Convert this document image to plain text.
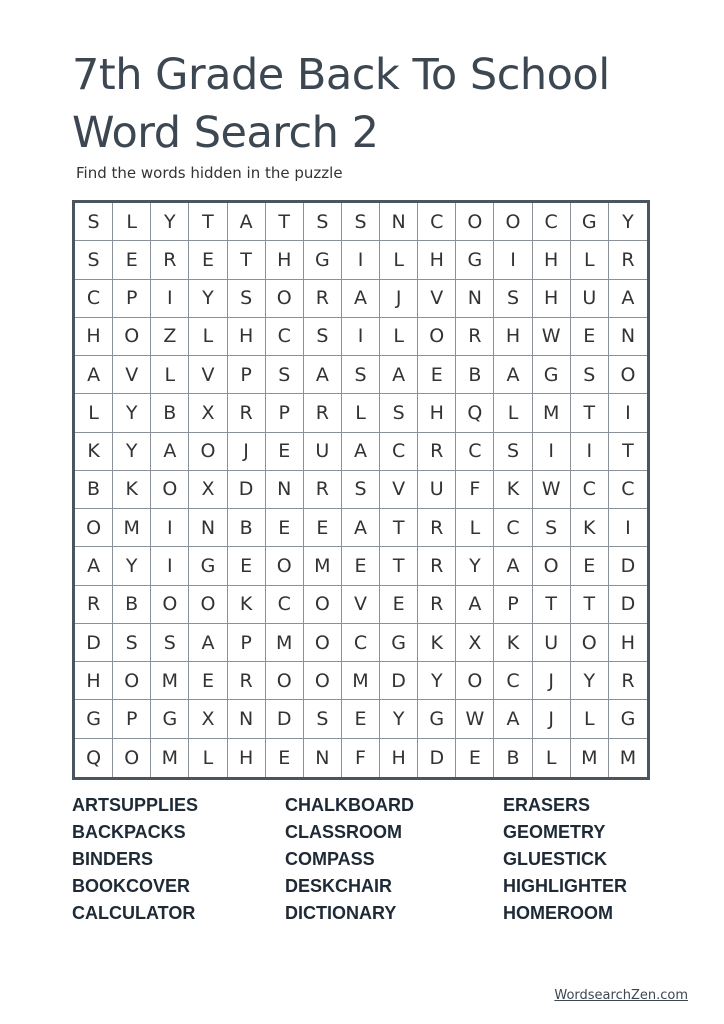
7th Grade Back To School Word Search 2
Find the words hidden in the puzzle
S	L	Y	T	A	T	S	S	N	C	O	O	C	G	Y
S	E	R	E	T	H	G	I	L	H	G	I	H	L	R
C	P	I	Y	S	O	R	A	J	V	N	S	H	U	A
H	O	Z	L	H	C	S	I	L	O	R	H	W	E	N
A	V	L	V	P	S	A	S	A	E	B	A	G	S	O
L	Y	B	X	R	P	R	L	S	H	Q	L	M	T	I
K	Y	A	O	J	E	U	A	C	R	C	S	I	I	T
B	K	O	X	D	N	R	S	V	U	F	K	W	C	C
O	M	I	N	B	E	E	A	T	R	L	C	S	K	I
A	Y	I	G	E	O	M	E	T	R	Y	A	O	E	D
R	B	O	O	K	C	O	V	E	R	A	P	T	T	D
D	S	S	A	P	M	O	C	G	K	X	K	U	O	H
H	O	M	E	R	O	O	M	D	Y	O	C	J	Y	R
G	P	G	X	N	D	S	E	Y	G	W	A	J	L	G
Q	O	M	L	H	E	N	F	H	D	E	B	L	M	M
ARTSUPPLIES	CHALKBOARD	ERASERS
BACKPACKS	CLASSROOM	GEOMETRY
BINDERS	COMPASS	GLUESTICK
BOOKCOVER	DESKCHAIR	HIGHLIGHTER
CALCULATOR	DICTIONARY	HOMEROOM
WordsearchZen.com
